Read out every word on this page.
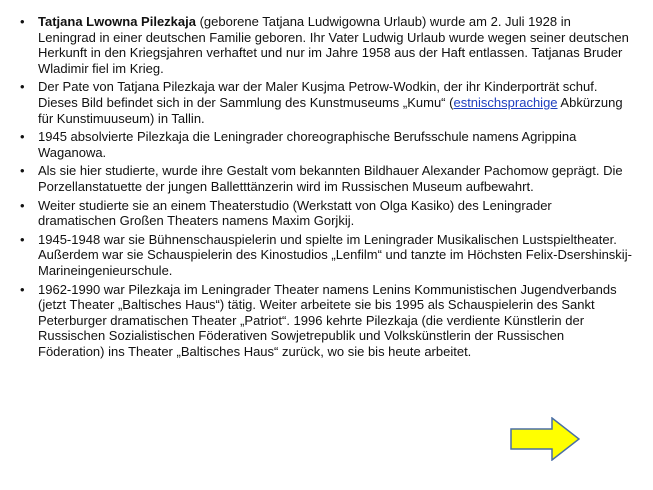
• Tatjana Lwowna Pilezkaja (geborene Tatjana Ludwigowna Urlaub) wurde am 2. Juli 1928 in Leningrad in einer deutschen Familie geboren. Ihr Vater Ludwig Urlaub wurde wegen seiner deutschen Herkunft in den Kriegsjahren verhaftet und nur im Jahre 1958 aus der Haft entlassen. Tatjanas Bruder Wladimir fiel im Krieg.
• Der Pate von Tatjana Pilezkaja war der Maler Kusjma Petrow-Wodkin, der ihr Kinderporträt schuf. Dieses Bild befindet sich in der Sammlung des Kunstmuseums „Kumu“ (estnischsprachige Abkürzung für Kunstimuuseum) in Tallin.
• 1945 absolvierte Pilezkaja die Leningrader choreographische Berufsschule namens Agrippina Waganowa.
• Als sie hier studierte, wurde ihre Gestalt vom bekannten Bildhauer Alexander Pachomow geprägt. Die Porzellanstatuette der jungen Balletttänzerin wird im Russischen Museum aufbewahrt.
• Weiter studierte sie an einem Theaterstudio (Werkstatt von Olga Kasiko) des Leningrader dramatischen Großen Theaters namens Maxim Gorjkij.
• 1945-1948 war sie Bühnenschauspielerin und spielte im Leningrader Musikalischen Lustspieltheater. Außerdem war sie Schauspielerin des Kinostudios „Lenfilm“ und tanzte im Höchsten Felix-Dsershinskij-Marineingenieurschule.
• 1962-1990 war Pilezkaja im Leningrader Theater namens Lenins Kommunistischen Jugendverbands (jetzt Theater „Baltisches Haus“) tätig. Weiter arbeitete sie bis 1995 als Schauspielerin des Sankt Peterburger dramatischen Theater „Patriot“. 1996 kehrte Pilezkaja (die verdiente Künstlerin der Russischen Sozialistischen Föderativen Sowjetrepublik und Volkskünstlerin der Russischen Föderation) ins Theater „Baltisches Haus“ zurück, wo sie bis heute arbeitet.
